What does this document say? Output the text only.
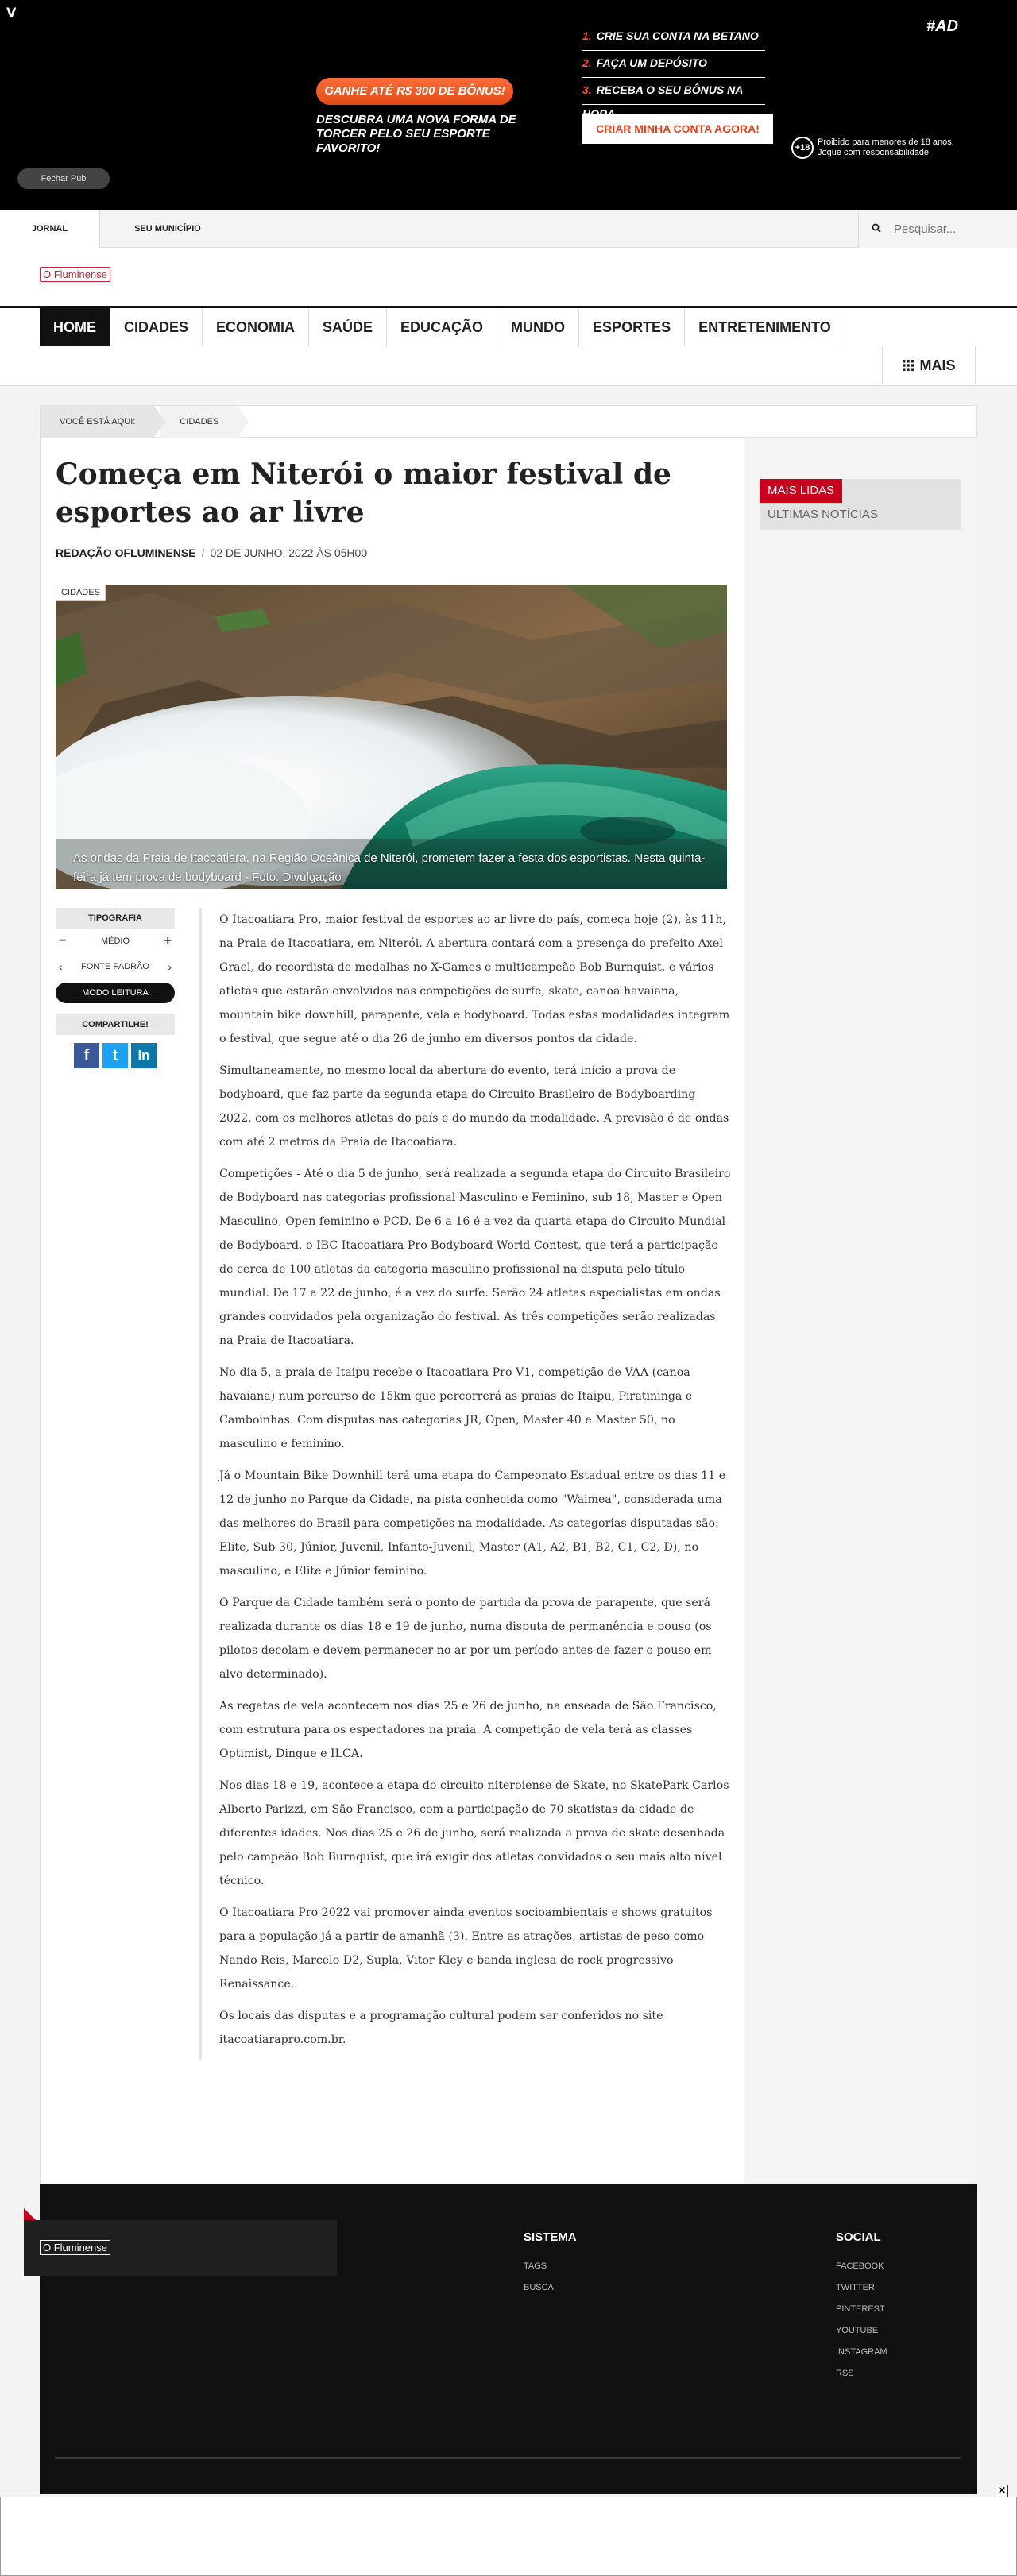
V
GANHE ATÉ R$ 300 DE BÔNUS!
DESCUBRA UMA NOVA FORMA DE TORCER PELO SEU ESPORTE FAVORITO!
1. CRIE SUA CONTA NA BETANO
2. FAÇA UM DEPÓSITO
3. RECEBA O SEU BÔNUS NA
CRIAR MINHA CONTA AGORA!
#AD
+18
Proibido para menores de 18 anos. Jogue com responsabilidade.
Fechar Pub
JORNAL	SEU MUNICÍPIO
Pesquisar...
O Fluminense
HOME	CIDADES	ECONOMIA	SAÚDE	EDUCAÇÃO	MUNDO	ESPORTES	ENTRETENIMENTO
MAIS
VOCÊ ESTÁ AQUI:	CIDADES
Começa em Niterói o maior festival de esportes ao ar livre
REDAÇÃO OFLUMINENSE / 02 DE JUNHO, 2022 ÀS 05H00
CIDADES
As ondas da Praia de Itacoatiara, na Região Oceânica de Niterói, prometem fazer a festa dos esportistas. Nesta quinta-feira já tem prova de bodyboard - Foto: Divulgação
TIPOGRAFIA
−	MÉDIO	+
‹ FONTE PADRÃO ›
MODO LEITURA
COMPARTILHE!
f	t	in

O Itacoatiara Pro, maior festival de esportes ao ar livre do país, começa hoje (2), às 11h, na Praia de Itacoatiara, em Niterói. A abertura contará com a presença do prefeito Axel Grael, do recordista de medalhas no X-Games e multicampeão Bob Burnquist, e vários atletas que estarão envolvidos nas competições de surfe, skate, canoa havaiana, mountain bike downhill, parapente, vela e bodyboard. Todas estas modalidades integram o festival, que segue até o dia 26 de junho em diversos pontos da cidade.

Simultaneamente, no mesmo local da abertura do evento, terá início a prova de bodyboard, que faz parte da segunda etapa do Circuito Brasileiro de Bodyboarding 2022, com os melhores atletas do país e do mundo da modalidade. A previsão é de ondas com até 2 metros da Praia de Itacoatiara.

Competições - Até o dia 5 de junho, será realizada a segunda etapa do Circuito Brasileiro de Bodyboard nas categorias profissional Masculino e Feminino, sub 18, Master e Open Masculino, Open feminino e PCD. De 6 a 16 é a vez da quarta etapa do Circuito Mundial de Bodyboard, o IBC Itacoatiara Pro Bodyboard World Contest, que terá a participação de cerca de 100 atletas da categoria masculino profissional na disputa pelo título mundial. De 17 a 22 de junho, é a vez do surfe. Serão 24 atletas especialistas em ondas grandes convidados pela organização do festival. As três competições serão realizadas na Praia de Itacoatiara.

No dia 5, a praia de Itaipu recebe o Itacoatiara Pro V1, competição de VAA (canoa havaiana) num percurso de 15km que percorrerá as praias de Itaipu, Piratininga e Camboinhas. Com disputas nas categorias JR, Open, Master 40 e Master 50, no masculino e feminino.

Já o Mountain Bike Downhill terá uma etapa do Campeonato Estadual entre os dias 11 e 12 de junho no Parque da Cidade, na pista conhecida como "Waimea", considerada uma das melhores do Brasil para competições na modalidade. As categorias disputadas são: Elite, Sub 30, Júnior, Juvenil, Infanto-Juvenil, Master (A1, A2, B1, B2, C1, C2, D), no masculino, e Elite e Júnior feminino.

O Parque da Cidade também será o ponto de partida da prova de parapente, que será realizada durante os dias 18 e 19 de junho, numa disputa de permanência e pouso (os pilotos decolam e devem permanecer no ar por um período antes de fazer o pouso em alvo determinado).

As regatas de vela acontecem nos dias 25 e 26 de junho, na enseada de São Francisco, com estrutura para os espectadores na praia. A competição de vela terá as classes Optimist, Dingue e ILCA.

Nos dias 18 e 19, acontece a etapa do circuito niteroiense de Skate, no SkatePark Carlos Alberto Parizzi, em São Francisco, com a participação de 70 skatistas da cidade de diferentes idades. Nos dias 25 e 26 de junho, será realizada a prova de skate desenhada pelo campeão Bob Burnquist, que irá exigir dos atletas convidados o seu mais alto nível técnico.

O Itacoatiara Pro 2022 vai promover ainda eventos socioambientais e shows gratuitos para a população já a partir de amanhã (3). Entre as atrações, artistas de peso como Nando Reis, Marcelo D2, Supla, Vitor Kley e banda inglesa de rock progressivo Renaissance.

Os locais das disputas e a programação cultural podem ser conferidos no site itacoatiarapro.com.br.

MAIS LIDAS
ÚLTIMAS NOTÍCIAS
O Fluminense
SISTEMA
TAGS
BUSCA
SOCIAL
FACEBOOK
TWITTER
PINTEREST
YOUTUBE
INSTAGRAM
RSS
✕
